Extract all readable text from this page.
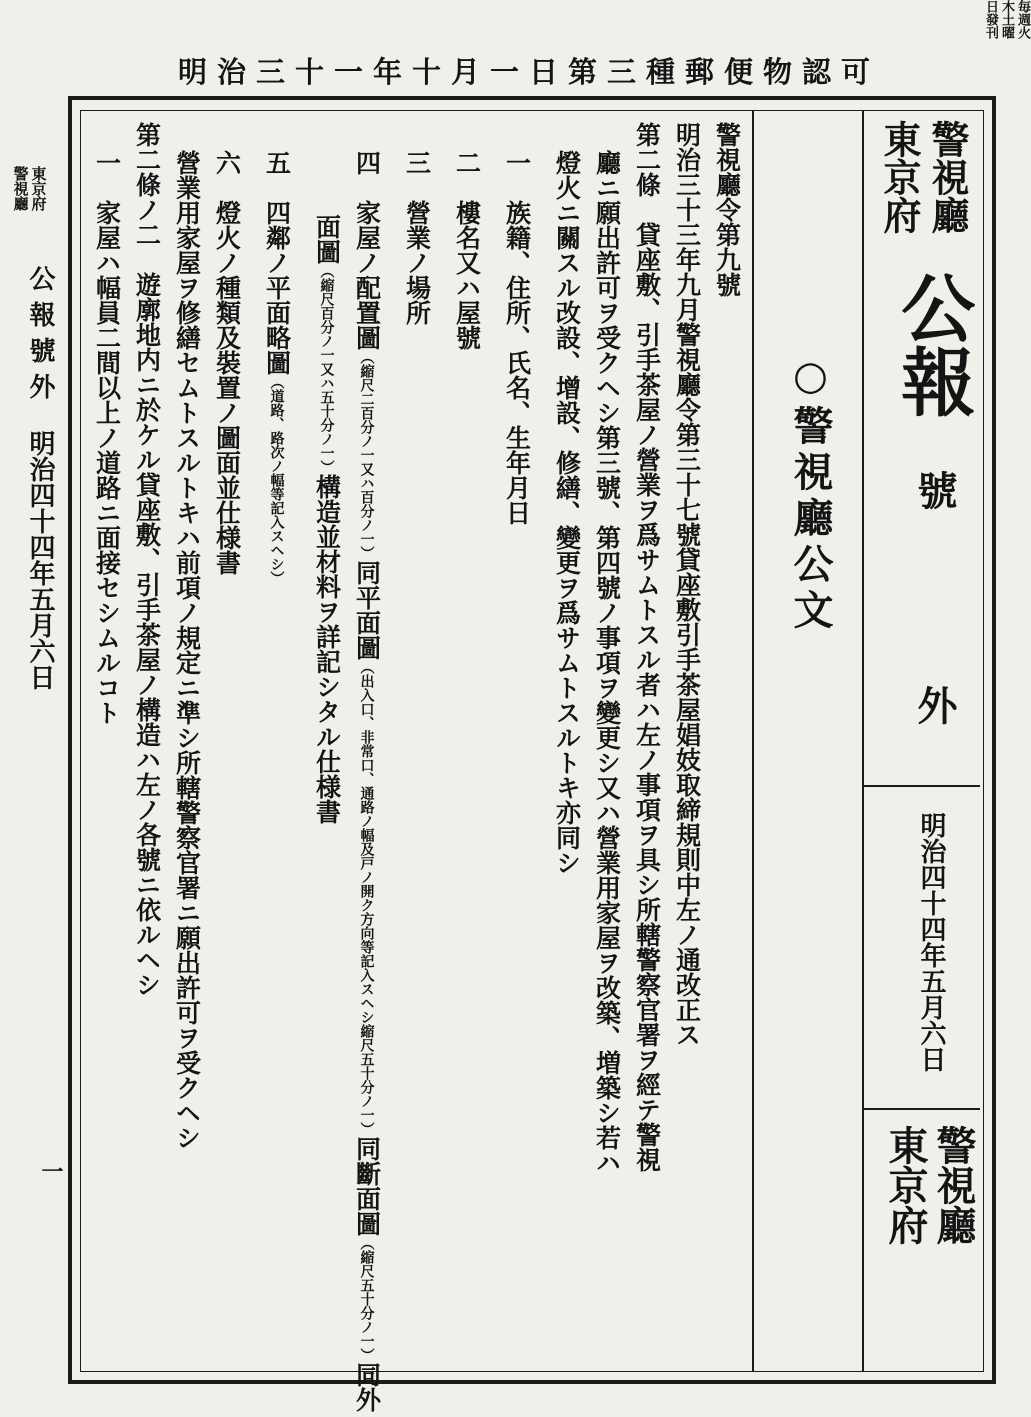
可認物便郵種三第日一月十年一十三治明
毎週火
木土曜
日發刊
警視廳
東京府
公報
號
外
明治四十四年五月六日
警視廳
東京府
○警視廳公文
警視廳令第九號
明治三十三年九月警視廳令第三十七號貸座敷引手茶屋娼妓取締規則中左ノ通改正ス
第二條　貸座敷、引手茶屋ノ營業ヲ爲サムトスル者ハ左ノ事項ヲ具シ所轄警察官署ヲ經テ警視
廳ニ願出許可ヲ受クヘシ第三號、第四號ノ事項ヲ變更シ又ハ營業用家屋ヲ改築、増築シ若ハ
燈火ニ關スル改設、增設、修繕、變更ヲ爲サムトスルトキ亦同シ
一　族籍、住所、氏名、生年月日
二　樓名又ハ屋號
三　營業ノ場所
四　家屋ノ配置圖（縮尺二百分ノ一又ハ百分ノ一）同平面圖（出入口、非常口、通路ノ幅及戸ノ開ク方向等記入スヘシ縮尺五十分ノ一）同斷面圖（縮尺五十分ノ一）同外
面圖（縮尺百分ノ一又ハ五十分ノ一）構造並材料ヲ詳記シタル仕様書
五　四鄰ノ平面略圖（道路、路次ノ幅等記入スヘシ）
六　燈火ノ種類及裝置ノ圖面並仕様書
營業用家屋ヲ修繕セムトスルトキハ前項ノ規定ニ準シ所轄警察官署ニ願出許可ヲ受クヘシ
第二條ノ二　遊廓地内ニ於ケル貸座敷、引手茶屋ノ構造ハ左ノ各號ニ依ルヘシ
一　家屋ハ幅員二間以上ノ道路ニ面接セシムルコト
警視廳 東京府
公報號外
明治四十四年五月六日
一
